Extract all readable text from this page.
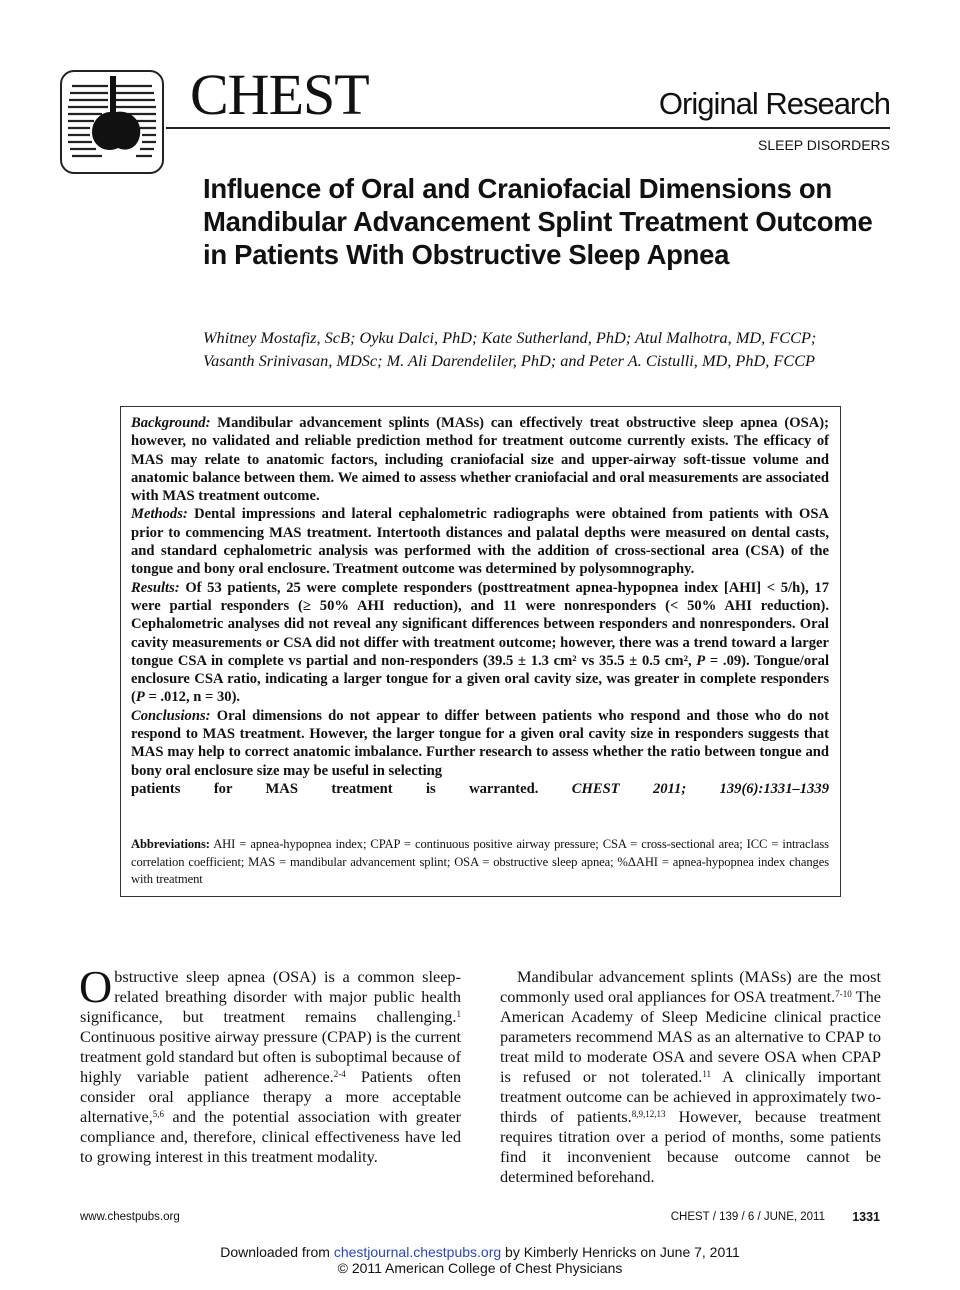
CHEST	Original Research
SLEEP DISORDERS
Influence of Oral and Craniofacial Dimensions on Mandibular Advancement Splint Treatment Outcome in Patients With Obstructive Sleep Apnea
Whitney Mostafiz, ScB; Oyku Dalci, PhD; Kate Sutherland, PhD; Atul Malhotra, MD, FCCP;
Vasanth Srinivasan, MDSc; M. Ali Darendeliler, PhD; and Peter A. Cistulli, MD, PhD, FCCP

Background: Mandibular advancement splints (MASs) can effectively treat obstructive sleep apnea (OSA); however, no validated and reliable prediction method for treatment outcome currently exists. The efficacy of MAS may relate to anatomic factors, including craniofacial size and upper-airway soft-tissue volume and anatomic balance between them. We aimed to assess whether craniofacial and oral measurements are associated with MAS treatment outcome.

Methods: Dental impressions and lateral cephalometric radiographs were obtained from patients with OSA prior to commencing MAS treatment. Intertooth distances and palatal depths were measured on dental casts, and standard cephalometric analysis was performed with the addition of cross-sectional area (CSA) of the tongue and bony oral enclosure. Treatment outcome was determined by polysomnography.

Results: Of 53 patients, 25 were complete responders (posttreatment apnea-hypopnea index [AHI] < 5/h), 17 were partial responders (≥ 50% AHI reduction), and 11 were nonresponders (< 50% AHI reduction). Cephalometric analyses did not reveal any significant differences between responders and nonresponders. Oral cavity measurements or CSA did not differ with treatment outcome; however, there was a trend toward a larger tongue CSA in complete vs partial and non-responders (39.5 ± 1.3 cm² vs 35.5 ± 0.5 cm², P = .09). Tongue/oral enclosure CSA ratio, indicating a larger tongue for a given oral cavity size, was greater in complete responders (P = .012, n = 30).

Conclusions: Oral dimensions do not appear to differ between patients who respond and those who do not respond to MAS treatment. However, the larger tongue for a given oral cavity size in responders suggests that MAS may help to correct anatomic imbalance. Further research to assess whether the ratio between tongue and bony oral enclosure size may be useful in selecting

patients for MAS treatment is warranted. CHEST 2011; 139(6):1331–1339

Abbreviations: AHI = apnea-hypopnea index; CPAP = continuous positive airway pressure; CSA = cross-sectional area; ICC = intraclass correlation coefficient; MAS = mandibular advancement splint; OSA = obstructive sleep apnea; %ΔAHI = apnea-hypopnea index changes with treatment
Obstructive sleep apnea (OSA) is a common sleep-related breathing disorder with major public health significance, but treatment remains challenging.$^1$ Continuous positive airway pressure (CPAP) is the current treatment gold standard but often is suboptimal because of highly variable patient adherence.$^{2-4}$ Patients often consider oral appliance therapy a more acceptable alternative,$^{5,6}$ and the potential association with greater compliance and, therefore, clinical effectiveness have led to growing interest in this treatment modality.
Mandibular advancement splints (MASs) are the most commonly used oral appliances for OSA treatment.$^{7-10}$ The American Academy of Sleep Medicine clinical practice parameters recommend MAS as an alternative to CPAP to treat mild to moderate OSA and severe OSA when CPAP is refused or not tolerated.$^{11}$ A clinically important treatment outcome can be achieved in approximately two-thirds of patients.$^{8,9,12,13}$ However, because treatment requires titration over a period of months, some patients find it inconvenient because outcome cannot be determined beforehand.
www.chestpubs.org	CHEST / 139 / 6 / JUNE, 2011 1331
Downloaded from chestjournal.chestpubs.org by Kimberly Henricks on June 7, 2011
© 2011 American College of Chest Physicians
